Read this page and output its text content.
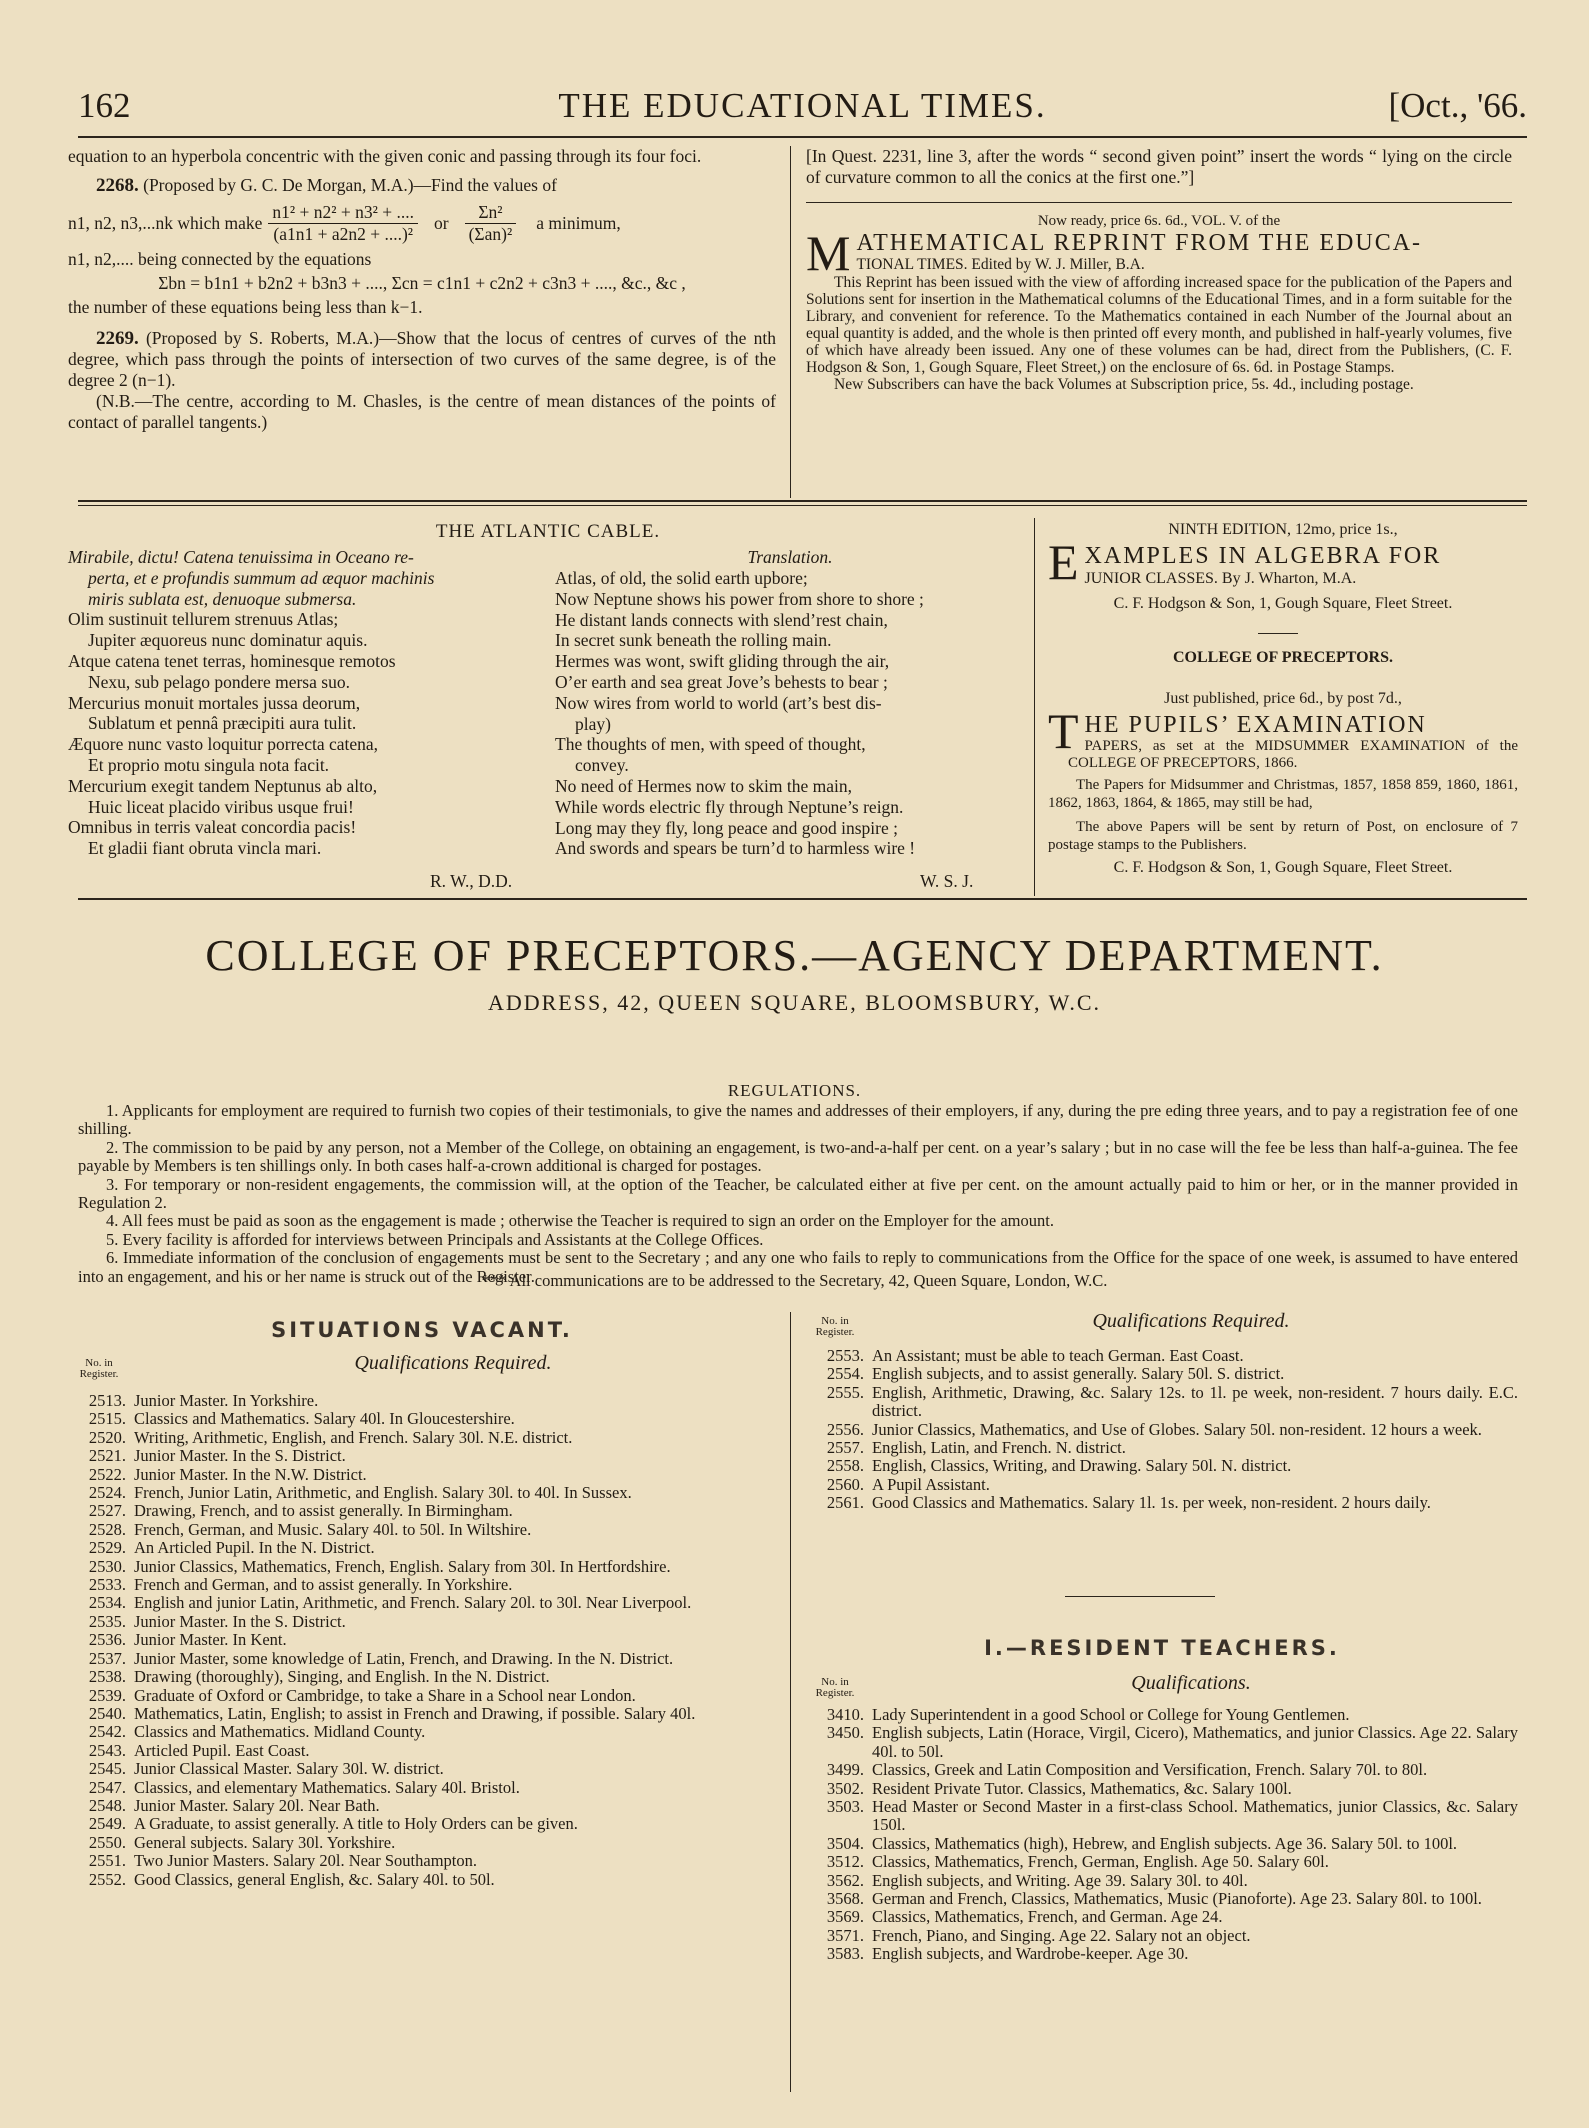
162	THE EDUCATIONAL TIMES.	[Oct., '66.

equation to an hyperbola concentric with the given conic and passing through its four foci.

2268. (Proposed by G. C. De Morgan, M.A.)—Find the values of

n1, n2, n3,...nk which make $\frac{\text{n1² + n2² + n3² + ....}}{\text{(a1n1 + a2n2 + ....)²}}$ or $\frac{\text{Σn²}}{\text{(Σan)²}}$ a minimum,

n1, n2,.... being connected by the equations

Σbn = b1n1 + b2n2 + b3n3 + ...., Σcn = c1n1 + c2n2 + c3n3 + ...., &c., &c ,

the number of these equations being less than k−1.

2269. (Proposed by S. Roberts, M.A.)—Show that the locus of centres of curves of the nth degree, which pass through the points of intersection of two curves of the same degree, is of the degree 2 (n−1).

(N.B.—The centre, according to M. Chasles, is the centre of mean distances of the points of contact of parallel tangents.)

[In Quest. 2231, line 3, after the words “ second given point” insert the words “ lying on the circle of curvature common to all the conics at the first one.”]

Now ready, price 6s. 6d., VOL. V. of the

M ATHEMATICAL REPRINT FROM THE EDUCA-
TIONAL TIMES. Edited by W. J. Miller, B.A.

This Reprint has been issued with the view of affording increased space for the publication of the Papers and Solutions sent for insertion in the Mathematical columns of the Educational Times, and in a form suitable for the Library, and convenient for reference. To the Mathematics contained in each Number of the Journal about an equal quantity is added, and the whole is then printed off every month, and published in half-yearly volumes, five of which have already been issued. Any one of these volumes can be had, direct from the Publishers, (C. F. Hodgson & Son, 1, Gough Square, Fleet Street,) on the enclosure of 6s. 6d. in Postage Stamps.

New Subscribers can have the back Volumes at Subscription price, 5s. 4d., including postage.

THE ATLANTIC CABLE.
Mirabile, dictu! Catena tenuissima in Oceano re-
perta, et e profundis summum ad æquor machinis
miris sublata est, denuoque submersa.
Olim sustinuit tellurem strenuus Atlas;
Jupiter æquoreus nunc dominatur aquis.
Atque catena tenet terras, hominesque remotos
Nexu, sub pelago pondere mersa suo.
Mercurius monuit mortales jussa deorum,
Sublatum et pennâ præcipiti aura tulit.
Æquore nunc vasto loquitur porrecta catena,
Et proprio motu singula nota facit.
Mercurium exegit tandem Neptunus ab alto,
Huic liceat placido viribus usque frui!
Omnibus in terris valeat concordia pacis!
Et gladii fiant obruta vincla mari.
Translation.
Atlas, of old, the solid earth upbore;
Now Neptune shows his power from shore to shore ;
He distant lands connects with slend’rest chain,
In secret sunk beneath the rolling main.
Hermes was wont, swift gliding through the air,
O’er earth and sea great Jove’s behests to bear ;
Now wires from world to world (art’s best dis-
play)
The thoughts of men, with speed of thought,
convey.
No need of Hermes now to skim the main,
While words electric fly through Neptune’s reign.
Long may they fly, long peace and good inspire ;
And swords and spears be turn’d to harmless wire !
R. W., D.D.	W. S. J.

NINTH EDITION, 12mo, price 1s.,

E XAMPLES IN ALGEBRA FOR
JUNIOR CLASSES. By J. Wharton, M.A.

C. F. Hodgson & Son, 1, Gough Square, Fleet Street.

COLLEGE OF PRECEPTORS.

Just published, price 6d., by post 7d.,

T HE PUPILS’ EXAMINATION
PAPERS, as set at the MIDSUMMER EXAMINATION of the COLLEGE OF PRECEPTORS, 1866.

The Papers for Midsummer and Christmas, 1857, 1858 859, 1860, 1861, 1862, 1863, 1864, & 1865, may still be had,

The above Papers will be sent by return of Post, on enclosure of 7 postage stamps to the Publishers.

C. F. Hodgson & Son, 1, Gough Square, Fleet Street.

COLLEGE OF PRECEPTORS.—AGENCY DEPARTMENT.
ADDRESS, 42, QUEEN SQUARE, BLOOMSBURY, W.C.
REGULATIONS.

1. Applicants for employment are required to furnish two copies of their testimonials, to give the names and addresses of their employers, if any, during the pre eding three years, and to pay a registration fee of one shilling.

2. The commission to be paid by any person, not a Member of the College, on obtaining an engagement, is two-and-a-half per cent. on a year’s salary ; but in no case will the fee be less than half-a-guinea. The fee payable by Members is ten shillings only. In both cases half-a-crown additional is charged for postages.

3. For temporary or non-resident engagements, the commission will, at the option of the Teacher, be calculated either at five per cent. on the amount actually paid to him or her, or in the manner provided in Regulation 2.

4. All fees must be paid as soon as the engagement is made ; otherwise the Teacher is required to sign an order on the Employer for the amount.

5. Every facility is afforded for interviews between Principals and Assistants at the College Offices.

6. Immediate information of the conclusion of engagements must be sent to the Secretary ; and any one who fails to reply to communications from the Office for the space of one week, is assumed to have entered into an engagement, and his or her name is struck out of the Register.

*** All communications are to be addressed to the Secretary, 42, Queen Square, London, W.C.
SITUATIONS VACANT.
No. in Register.	Qualifications Required.
2513. Junior Master. In Yorkshire.
2515. Classics and Mathematics. Salary 40l. In Gloucestershire.
2520. Writing, Arithmetic, English, and French. Salary 30l. N.E. district.
2521. Junior Master. In the S. District.
2522. Junior Master. In the N.W. District.
2524. French, Junior Latin, Arithmetic, and English. Salary 30l. to 40l. In Sussex.
2527. Drawing, French, and to assist generally. In Birmingham.
2528. French, German, and Music. Salary 40l. to 50l. In Wiltshire.
2529. An Articled Pupil. In the N. District.
2530. Junior Classics, Mathematics, French, English. Salary from 30l. In Hertfordshire.
2533. French and German, and to assist generally. In Yorkshire.
2534. English and junior Latin, Arithmetic, and French. Salary 20l. to 30l. Near Liverpool.
2535. Junior Master. In the S. District.
2536. Junior Master. In Kent.
2537. Junior Master, some knowledge of Latin, French, and Drawing. In the N. District.
2538. Drawing (thoroughly), Singing, and English. In the N. District.
2539. Graduate of Oxford or Cambridge, to take a Share in a School near London.
2540. Mathematics, Latin, English; to assist in French and Drawing, if possible. Salary 40l.
2542. Classics and Mathematics. Midland County.
2543. Articled Pupil. East Coast.
2545. Junior Classical Master. Salary 30l. W. district.
2547. Classics, and elementary Mathematics. Salary 40l. Bristol.
2548. Junior Master. Salary 20l. Near Bath.
2549. A Graduate, to assist generally. A title to Holy Orders can be given.
2550. General subjects. Salary 30l. Yorkshire.
2551. Two Junior Masters. Salary 20l. Near Southampton.
2552. Good Classics, general English, &c. Salary 40l. to 50l.
No. in Register.	Qualifications Required.
2553. An Assistant; must be able to teach German. East Coast.
2554. English subjects, and to assist generally. Salary 50l. S. district.
2555. English, Arithmetic, Drawing, &c. Salary 12s. to 1l. pe week, non-resident. 7 hours daily. E.C. district.
2556. Junior Classics, Mathematics, and Use of Globes. Salary 50l. non-resident. 12 hours a week.
2557. English, Latin, and French. N. district.
2558. English, Classics, Writing, and Drawing. Salary 50l. N. district.
2560. A Pupil Assistant.
2561. Good Classics and Mathematics. Salary 1l. 1s. per week, non-resident. 2 hours daily.
I.—RESIDENT TEACHERS.
No. in Register.	Qualifications.
3410. Lady Superintendent in a good School or College for Young Gentlemen.
3450. English subjects, Latin (Horace, Virgil, Cicero), Mathematics, and junior Classics. Age 22. Salary 40l. to 50l.
3499. Classics, Greek and Latin Composition and Versification, French. Salary 70l. to 80l.
3502. Resident Private Tutor. Classics, Mathematics, &c. Salary 100l.
3503. Head Master or Second Master in a first-class School. Mathematics, junior Classics, &c. Salary 150l.
3504. Classics, Mathematics (high), Hebrew, and English subjects. Age 36. Salary 50l. to 100l.
3512. Classics, Mathematics, French, German, English. Age 50. Salary 60l.
3562. English subjects, and Writing. Age 39. Salary 30l. to 40l.
3568. German and French, Classics, Mathematics, Music (Pianoforte). Age 23. Salary 80l. to 100l.
3569. Classics, Mathematics, French, and German. Age 24.
3571. French, Piano, and Singing. Age 22. Salary not an object.
3583. English subjects, and Wardrobe-keeper. Age 30.
